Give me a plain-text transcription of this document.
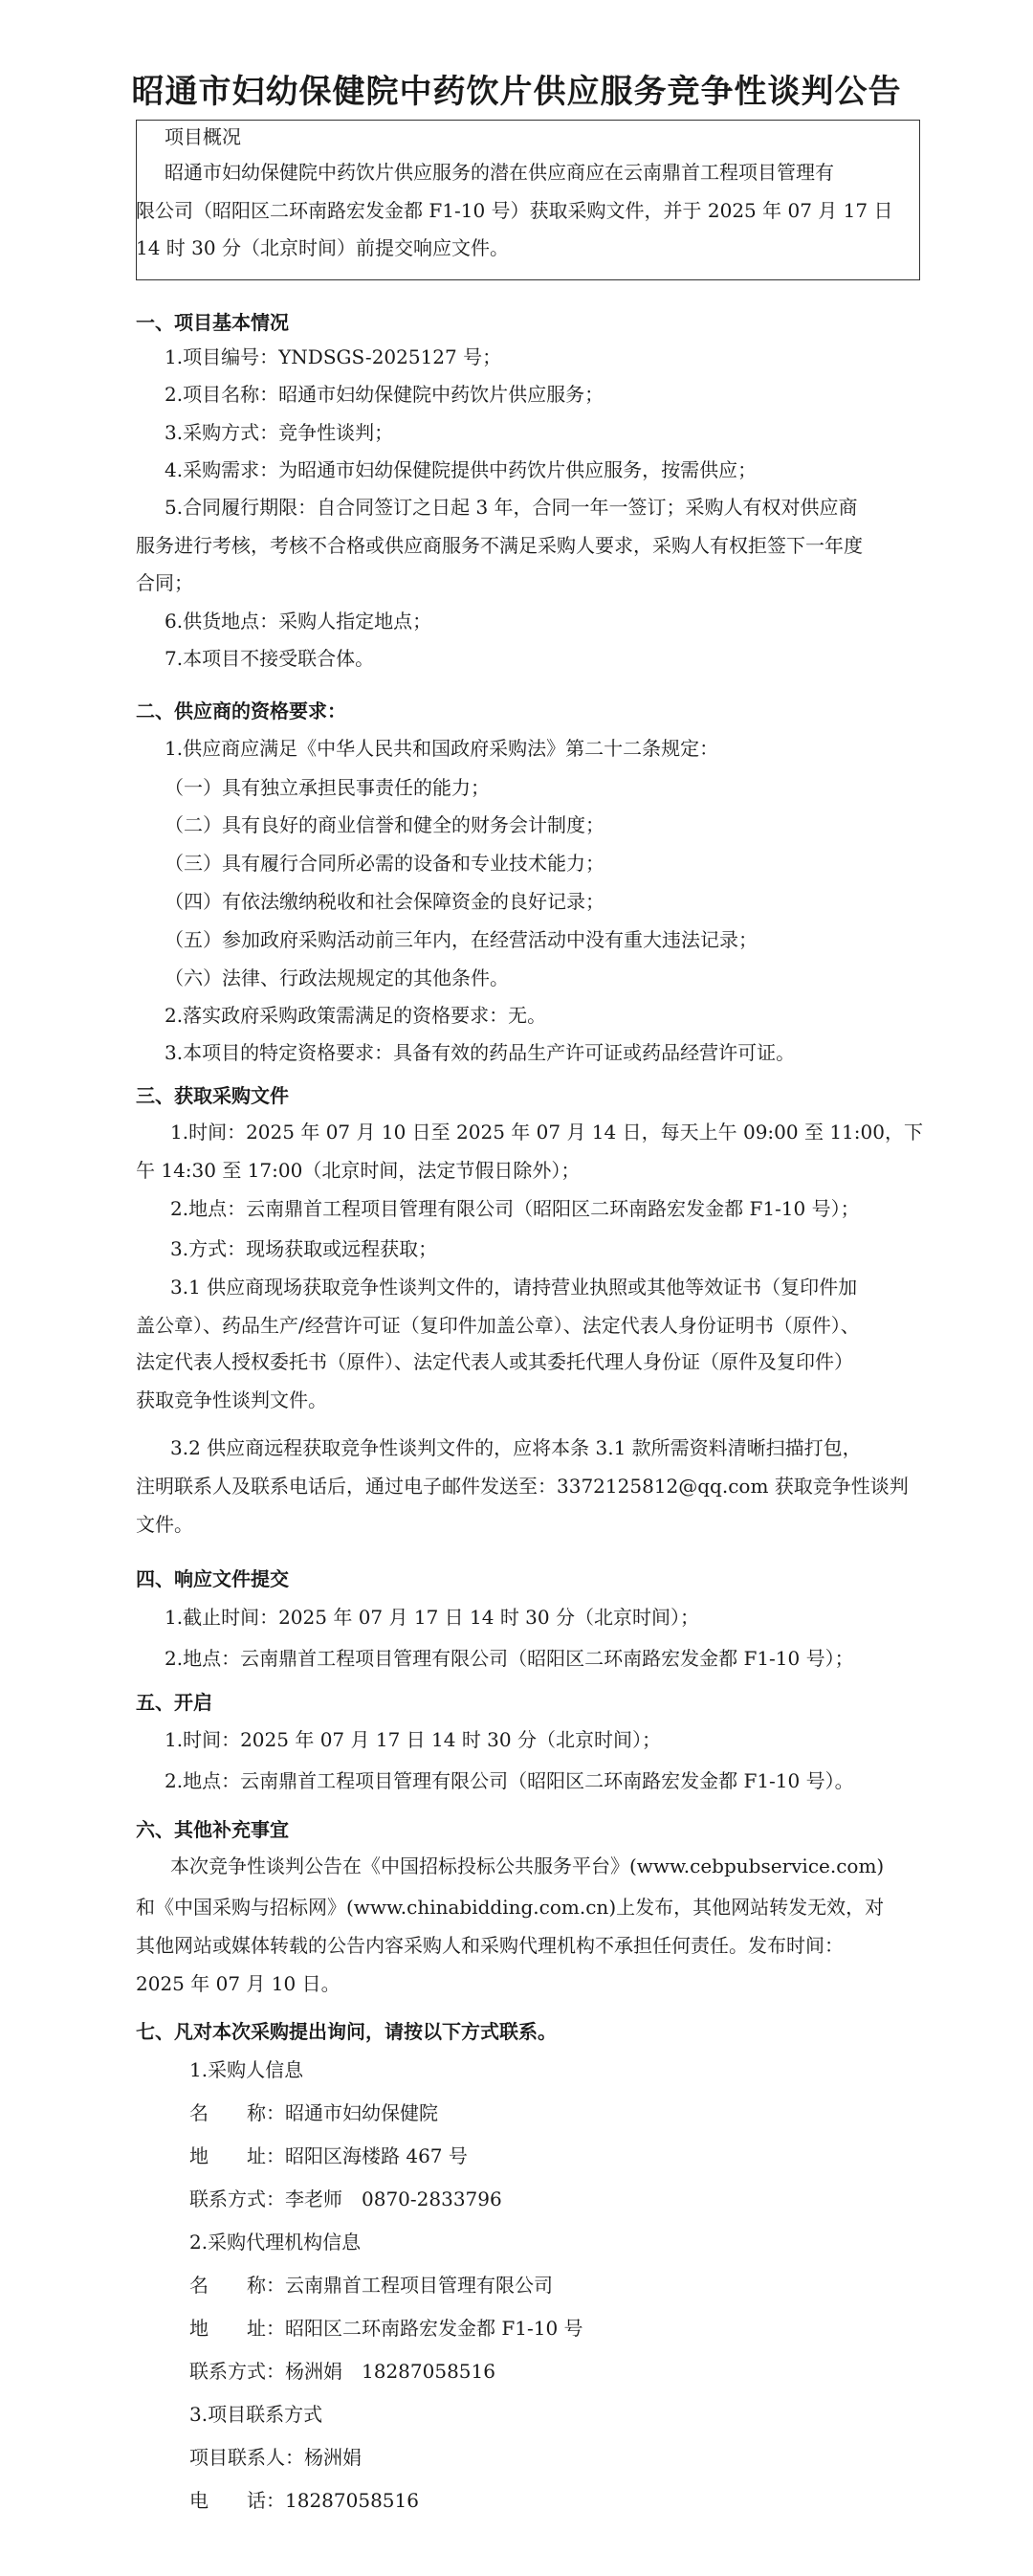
昭通市妇幼保健院中药饮片供应服务竞争性谈判公告
项目概况
昭通市妇幼保健院中药饮片供应服务的潜在供应商应在云南鼎首工程项目管理有
限公司（昭阳区二环南路宏发金都 F1-10 号）获取采购文件，并于 2025 年 07 月 17 日
14 时 30 分（北京时间）前提交响应文件。
一、项目基本情况
1.项目编号：YNDSGS-2025127 号；
2.项目名称：昭通市妇幼保健院中药饮片供应服务；
3.采购方式：竞争性谈判；
4.采购需求：为昭通市妇幼保健院提供中药饮片供应服务，按需供应；
5.合同履行期限：自合同签订之日起 3 年，合同一年一签订；采购人有权对供应商
服务进行考核，考核不合格或供应商服务不满足采购人要求，采购人有权拒签下一年度
合同；
6.供货地点：采购人指定地点；
7.本项目不接受联合体。
二、供应商的资格要求：
1.供应商应满足《中华人民共和国政府采购法》第二十二条规定：
（一）具有独立承担民事责任的能力；
（二）具有良好的商业信誉和健全的财务会计制度；
（三）具有履行合同所必需的设备和专业技术能力；
（四）有依法缴纳税收和社会保障资金的良好记录；
（五）参加政府采购活动前三年内，在经营活动中没有重大违法记录；
（六）法律、行政法规规定的其他条件。
2.落实政府采购政策需满足的资格要求：无。
3.本项目的特定资格要求：具备有效的药品生产许可证或药品经营许可证。
三、获取采购文件
1.时间：2025 年 07 月 10 日至 2025 年 07 月 14 日，每天上午 09:00 至 11:00，下
午 14:30 至 17:00（北京时间，法定节假日除外）；
2.地点：云南鼎首工程项目管理有限公司（昭阳区二环南路宏发金都 F1-10 号）；
3.方式：现场获取或远程获取；
3.1 供应商现场获取竞争性谈判文件的，请持营业执照或其他等效证书（复印件加
盖公章）、药品生产/经营许可证（复印件加盖公章）、法定代表人身份证明书（原件）、
法定代表人授权委托书（原件）、法定代表人或其委托代理人身份证（原件及复印件）
获取竞争性谈判文件。
3.2 供应商远程获取竞争性谈判文件的，应将本条 3.1 款所需资料清晰扫描打包，
注明联系人及联系电话后，通过电子邮件发送至：3372125812@qq.com 获取竞争性谈判
文件。
四、响应文件提交
1.截止时间：2025 年 07 月 17 日 14 时 30 分（北京时间）；
2.地点：云南鼎首工程项目管理有限公司（昭阳区二环南路宏发金都 F1-10 号）；
五、开启
1.时间：2025 年 07 月 17 日 14 时 30 分（北京时间）；
2.地点：云南鼎首工程项目管理有限公司（昭阳区二环南路宏发金都 F1-10 号）。
六、其他补充事宜
本次竞争性谈判公告在《中国招标投标公共服务平台》(www.cebpubservice.com)
和《中国采购与招标网》(www.chinabidding.com.cn)上发布，其他网站转发无效，对
其他网站或媒体转载的公告内容采购人和采购代理机构不承担任何责任。发布时间：
2025 年 07 月 10 日。
七、凡对本次采购提出询问，请按以下方式联系。
1.采购人信息
名　　称：昭通市妇幼保健院
地　　址：昭阳区海楼路 467 号
联系方式：李老师　0870-2833796
2.采购代理机构信息
名　　称：云南鼎首工程项目管理有限公司
地　　址：昭阳区二环南路宏发金都 F1-10 号
联系方式：杨洲娟　18287058516
3.项目联系方式
项目联系人：杨洲娟
电　　话：18287058516
